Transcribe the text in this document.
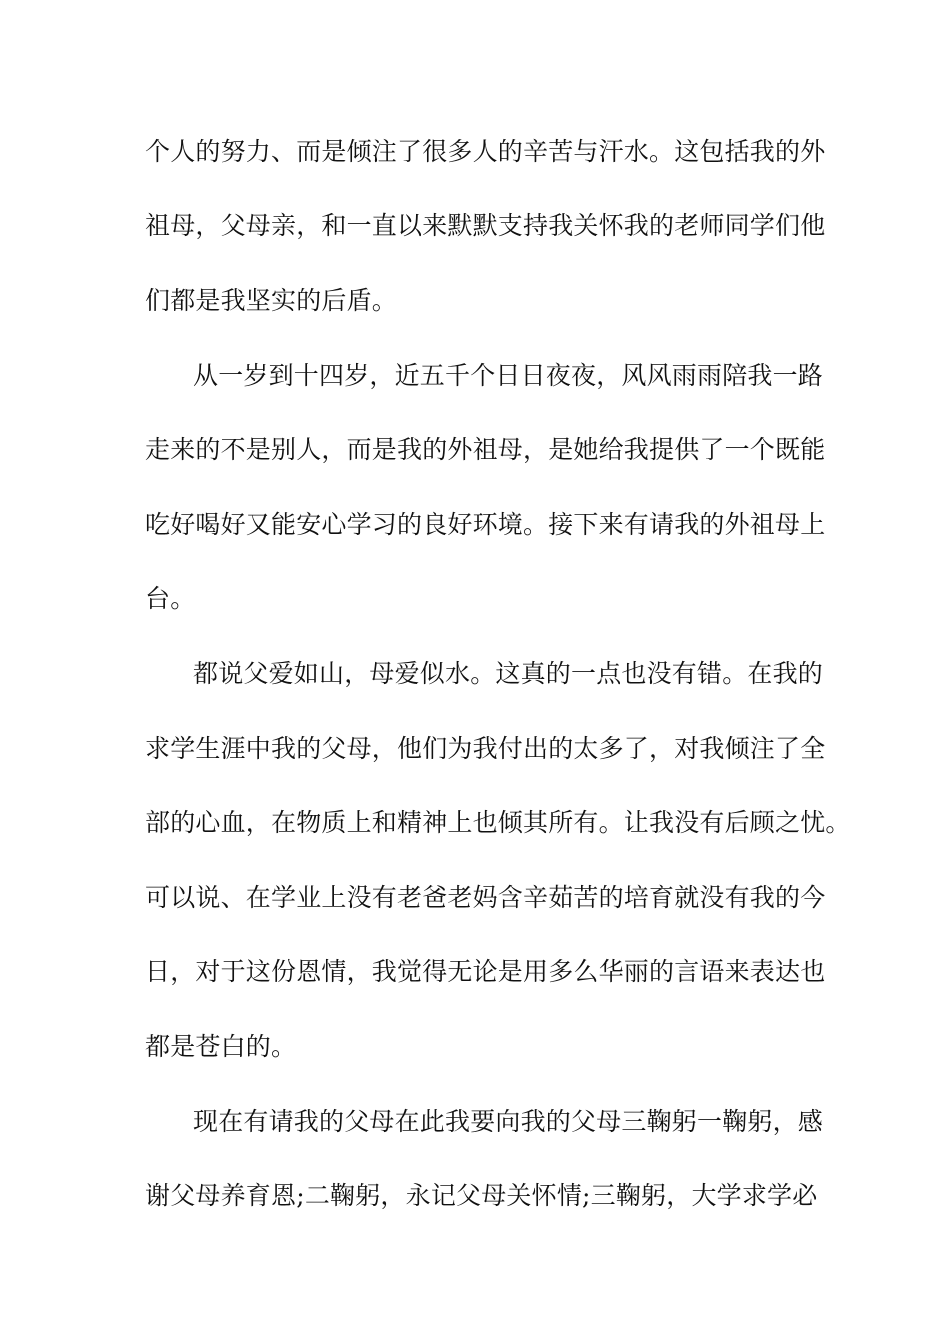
个人的努力、而是倾注了很多人的辛苦与汗水。这包括我的外
祖母，父母亲，和一直以来默默支持我关怀我的老师同学们他
们都是我坚实的后盾。
从一岁到十四岁，近五千个日日夜夜，风风雨雨陪我一路
走来的不是别人，而是我的外祖母，是她给我提供了一个既能
吃好喝好又能安心学习的良好环境。接下来有请我的外祖母上
台。
都说父爱如山，母爱似水。这真的一点也没有错。在我的
求学生涯中我的父母，他们为我付出的太多了，对我倾注了全
部的心血，在物质上和精神上也倾其所有。让我没有后顾之忧。
可以说、在学业上没有老爸老妈含辛茹苦的培育就没有我的今
日，对于这份恩情，我觉得无论是用多么华丽的言语来表达也
都是苍白的。
现在有请我的父母在此我要向我的父母三鞠躬一鞠躬，感
谢父母养育恩;二鞠躬，永记父母关怀情;三鞠躬，大学求学必
